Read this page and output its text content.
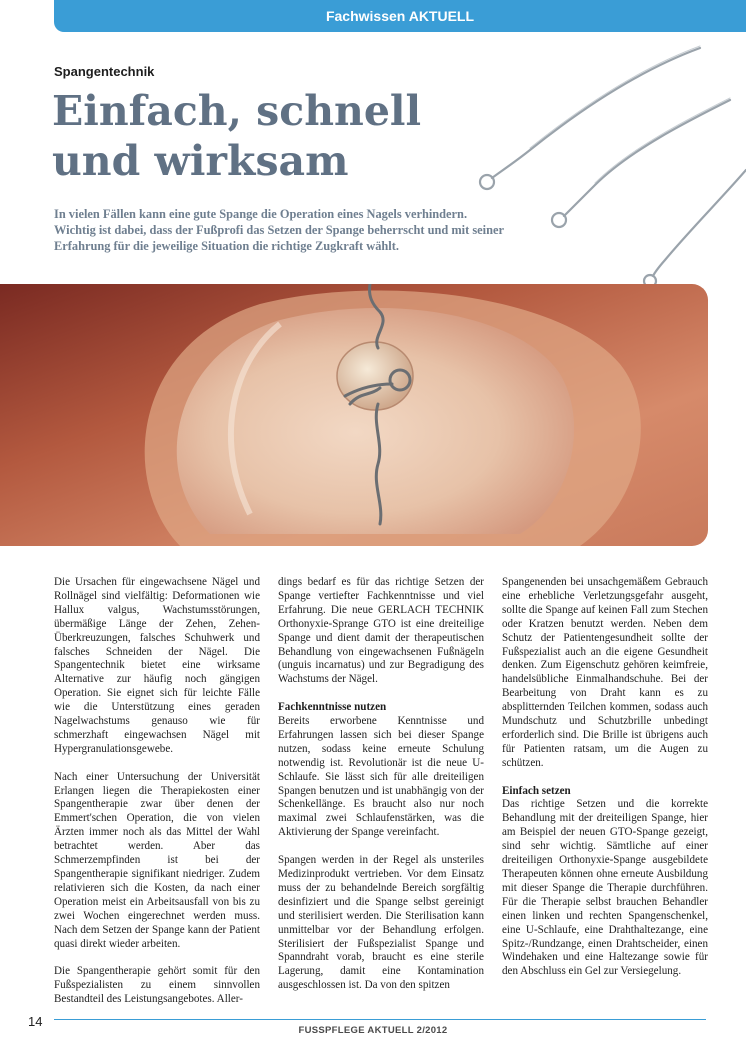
Fachwissen AKTUELL
Spangentechnik
Einfach, schnell
und wirksam

In vielen Fällen kann eine gute Spange die Operation eines Nagels verhindern. Wichtig ist dabei, dass der Fußprofi das Setzen der Spange beherrscht und mit seiner Erfahrung für die jeweilige Situation die richtige Zugkraft wählt.

Die Ursachen für eingewachsene Nägel und Rollnägel sind vielfältig: Deformationen wie Hallux valgus, Wachstumsstörungen, übermäßige Länge der Zehen, Zehen-Überkreuzungen, falsches Schuhwerk und falsches Schneiden der Nägel. Die Spangentechnik bietet eine wirksame Alternative zur häufig noch gängigen Operation. Sie eignet sich für leichte Fälle wie die Unterstützung eines geraden Nagelwachstums genauso wie für schmerzhaft eingewachsen Nägel mit Hypergranulationsgewebe.

Nach einer Untersuchung der Universität Erlangen liegen die Therapiekosten einer Spangentherapie zwar über denen der Emmert'schen Operation, die von vielen Ärzten immer noch als das Mittel der Wahl betrachtet werden. Aber das Schmerzempfinden ist bei der Spangentherapie signifikant niedriger. Zudem relativieren sich die Kosten, da nach einer Operation meist ein Arbeitsausfall von bis zu zwei Wochen eingerechnet werden muss. Nach dem Setzen der Spange kann der Patient quasi direkt wieder arbeiten.

Die Spangentherapie gehört somit für den Fußspezialisten zu einem sinnvollen Bestandteil des Leistungsangebotes. Aller-

dings bedarf es für das richtige Setzen der Spange vertiefter Fachkenntnisse und viel Erfahrung. Die neue GERLACH TECHNIK Orthonyxie-Sprange GTO ist eine dreiteilige Spange und dient damit der therapeutischen Behandlung von eingewachsenen Fußnägeln (unguis incarnatus) und zur Begradigung des Wachstums der Nägel.

Fachkenntnisse nutzen

Bereits erworbene Kenntnisse und Erfahrungen lassen sich bei dieser Spange nutzen, sodass keine erneute Schulung notwendig ist. Revolutionär ist die neue U-Schlaufe. Sie lässt sich für alle dreiteiligen Spangen benutzen und ist unabhängig von der Schenkellänge. Es braucht also nur noch maximal zwei Schlaufenstärken, was die Aktivierung der Spange vereinfacht.

Spangen werden in der Regel als unsteriles Medizinprodukt vertrieben. Vor dem Einsatz muss der zu behandelnde Bereich sorgfältig desinfiziert und die Spange selbst gereinigt und sterilisiert werden. Die Sterilisation kann unmittelbar vor der Behandlung erfolgen. Sterilisiert der Fußspezialist Spange und Spanndraht vorab, braucht es eine sterile Lagerung, damit eine Kontamination ausgeschlossen ist. Da von den spitzen

Spangenenden bei unsachgemäßem Gebrauch eine erhebliche Verletzungsgefahr ausgeht, sollte die Spange auf keinen Fall zum Stechen oder Kratzen benutzt werden. Neben dem Schutz der Patientengesundheit sollte der Fußspezialist auch an die eigene Gesundheit denken. Zum Eigenschutz gehören keimfreie, handelsübliche Einmalhandschuhe. Bei der Bearbeitung von Draht kann es zu absplitternden Teilchen kommen, sodass auch Mundschutz und Schutzbrille unbedingt erforderlich sind. Die Brille ist übrigens auch für Patienten ratsam, um die Augen zu schützen.

Einfach setzen

Das richtige Setzen und die korrekte Behandlung mit der dreiteiligen Spange, hier am Beispiel der neuen GTO-Spange gezeigt, sind sehr wichtig. Sämtliche auf einer dreiteiligen Orthonyxie-Spange ausgebildete Therapeuten können ohne erneute Ausbildung mit dieser Spange die Therapie durchführen. Für die Therapie selbst brauchen Behandler einen linken und rechten Spangenschenkel, eine U-Schlaufe, eine Drahthaltezange, eine Spitz-/Rundzange, einen Drahtscheider, einen Windehaken und eine Haltezange sowie für den Abschluss ein Gel zur Versiegelung.

14
FUSSPFLEGE AKTUELL 2/2012
